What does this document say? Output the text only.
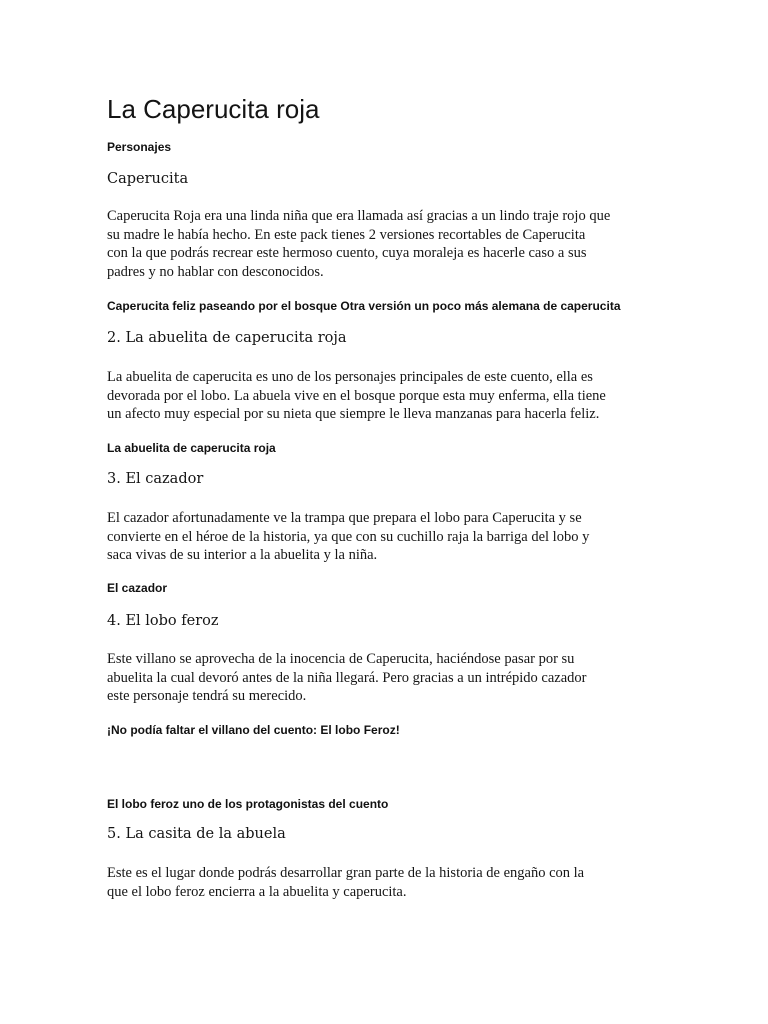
La Caperucita roja

Personajes

Caperucita

Caperucita Roja era una linda niña que era llamada así gracias a un lindo traje rojo que
su madre le había hecho. En este pack tienes 2 versiones recortables de Caperucita
con la que podrás recrear este hermoso cuento, cuya moraleja es hacerle caso a sus
padres y no hablar con desconocidos.

Caperucita feliz paseando por el bosque Otra versión un poco más alemana de caperucita

2. La abuelita de caperucita roja

La abuelita de caperucita es uno de los personajes principales de este cuento, ella es
devorada por el lobo. La abuela vive en el bosque porque esta muy enferma, ella tiene
un afecto muy especial por su nieta que siempre le lleva manzanas para hacerla feliz.

La abuelita de caperucita roja

3. El cazador

El cazador afortunadamente ve la trampa que prepara el lobo para Caperucita y se
convierte en el héroe de la historia, ya que con su cuchillo raja la barriga del lobo y
saca vivas de su interior a la abuelita y la niña.

El cazador

4. El lobo feroz

Este villano se aprovecha de la inocencia de Caperucita, haciéndose pasar por su
abuelita la cual devoró antes de la niña llegará. Pero gracias a un intrépido cazador
este personaje tendrá su merecido.

¡No podía faltar el villano del cuento: El lobo Feroz!

El lobo feroz uno de los protagonistas del cuento

5. La casita de la abuela

Este es el lugar donde podrás desarrollar gran parte de la historia de engaño con la
que el lobo feroz encierra a la abuelita y caperucita.
